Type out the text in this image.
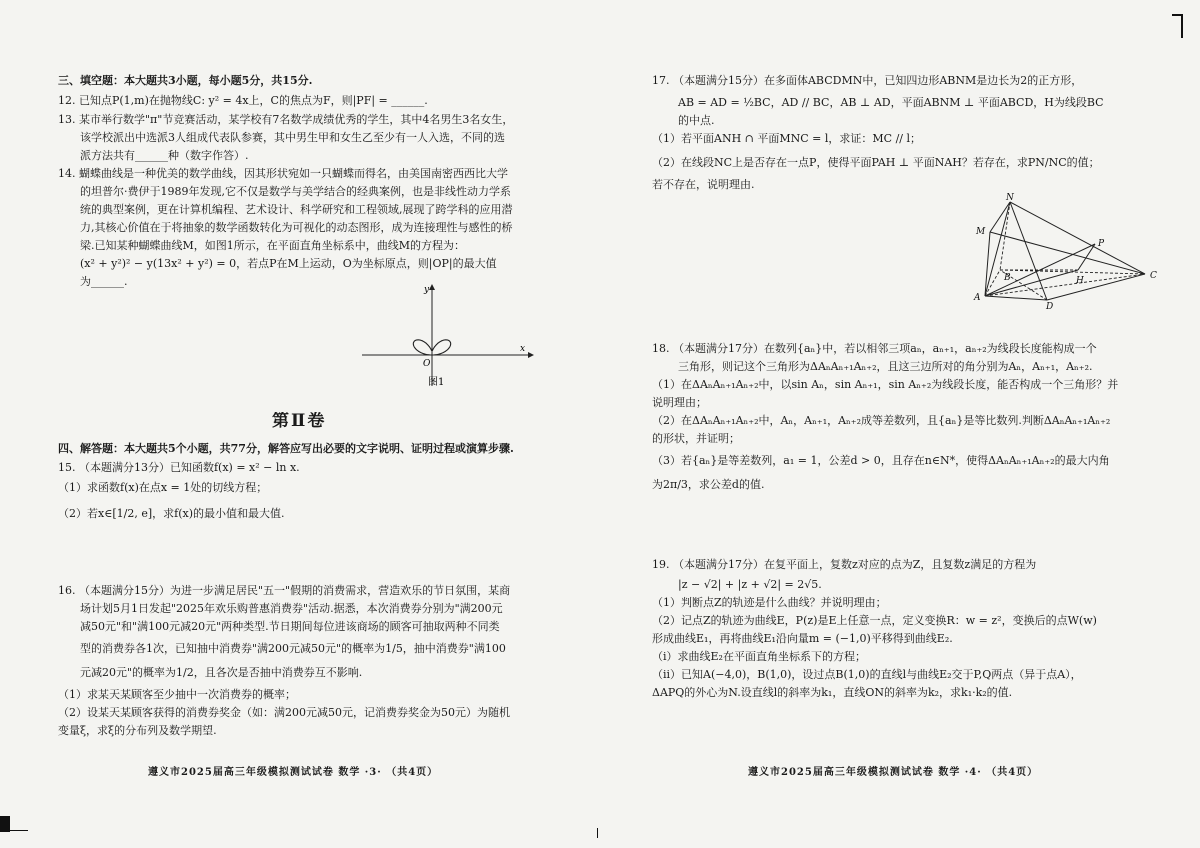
三、填空题：本大题共3小题，每小题5分，共15分.
12. 已知点P(1,m)在抛物线C: y² = 4x上，C的焦点为F，则|PF| = ______.
13. 某市举行数学"π"节竞赛活动，某学校有7名数学成绩优秀的学生，其中4名男生3名女生，
该学校派出中选派3人组成代表队参赛，其中男生甲和女生乙至少有一人入选，不同的选
派方法共有______种（数字作答）.
14. 蝴蝶曲线是一种优美的数学曲线，因其形状宛如一只蝴蝶而得名，由美国南密西西比大学
的坦普尔·费伊于1989年发现,它不仅是数学与美学结合的经典案例，也是非线性动力学系
统的典型案例，更在计算机编程、艺术设计、科学研究和工程领域,展现了跨学科的应用潜
力,其核心价值在于将抽象的数学函数转化为可视化的动态图形，成为连接理性与感性的桥
梁.已知某种蝴蝶曲线M，如图1所示，在平面直角坐标系中，曲线M的方程为：
(x² + y²)² − y(13x² + y²) = 0，若点P在M上运动，O为坐标原点，则|OP|的最大值
为______.
x
y
O
图1
第Ⅱ卷
四、解答题：本大题共5个小题，共77分，解答应写出必要的文字说明、证明过程或演算步骤.
15. （本题满分13分）已知函数f(x) = x² − ln x.
（1）求函数f(x)在点x = 1处的切线方程；
（2）若x∈[1/2, e]，求f(x)的最小值和最大值.
16. （本题满分15分）为进一步满足居民"五一"假期的消费需求，营造欢乐的节日氛围，某商
场计划5月1日发起"2025年欢乐购普惠消费券"活动.据悉，本次消费券分别为"满200元
减50元"和"满100元减20元"两种类型.节日期间每位进该商场的顾客可抽取两种不同类
型的消费券各1次，已知抽中消费券"满200元减50元"的概率为1/5，抽中消费券"满100
元减20元"的概率为1/2，且各次是否抽中消费券互不影响.
（1）求某天某顾客至少抽中一次消费券的概率；
（2）设某天某顾客获得的消费券奖金（如：满200元减50元，记消费券奖金为50元）为随机
变量ξ，求ξ的分布列及数学期望.
遵义市2025届高三年级模拟测试试卷 数学 ·3· （共4页）
17. （本题满分15分）在多面体ABCDMN中，已知四边形ABNM是边长为2的正方形，
AB = AD = ½BC，AD // BC，AB ⊥ AD，平面ABNM ⊥ 平面ABCD，H为线段BC
的中点.
（1）若平面ANH ∩ 平面MNC = l，求证：MC // l；
（2）在线段NC上是否存在一点P，使得平面PAH ⊥ 平面NAH？若存在，求PN/NC的值；
若不存在，说明理由.
N
M
P
B	H	C
A
D
18. （本题满分17分）在数列{aₙ}中，若以相邻三项aₙ，aₙ₊₁，aₙ₊₂为线段长度能构成一个
三角形，则记这个三角形为ΔAₙAₙ₊₁Aₙ₊₂，且这三边所对的角分别为Aₙ，Aₙ₊₁，Aₙ₊₂.
（1）在ΔAₙAₙ₊₁Aₙ₊₂中，以sin Aₙ，sin Aₙ₊₁，sin Aₙ₊₂为线段长度，能否构成一个三角形？并
说明理由；
（2）在ΔAₙAₙ₊₁Aₙ₊₂中，Aₙ，Aₙ₊₁，Aₙ₊₂成等差数列，且{aₙ}是等比数列.判断ΔAₙAₙ₊₁Aₙ₊₂
的形状，并证明；
（3）若{aₙ}是等差数列，a₁ = 1，公差d > 0，且存在n∈N*，使得ΔAₙAₙ₊₁Aₙ₊₂的最大内角
为2π/3，求公差d的值.
19. （本题满分17分）在复平面上，复数z对应的点为Z，且复数z满足的方程为
|z − √2| + |z + √2| = 2√5.
（1）判断点Z的轨迹是什么曲线？并说明理由；
（2）记点Z的轨迹为曲线E，P(z)是E上任意一点，定义变换R：w = z²，变换后的点W(w)
形成曲线E₁，再将曲线E₁沿向量m = (−1,0)平移得到曲线E₂.
（i）求曲线E₂在平面直角坐标系下的方程；
（ii）已知A(−4,0)，B(1,0)，设过点B(1,0)的直线l与曲线E₂交于P,Q两点（异于点A），
ΔAPQ的外心为N.设直线l的斜率为k₁，直线ON的斜率为k₂，求k₁·k₂的值.
遵义市2025届高三年级模拟测试试卷 数学 ·4· （共4页）
